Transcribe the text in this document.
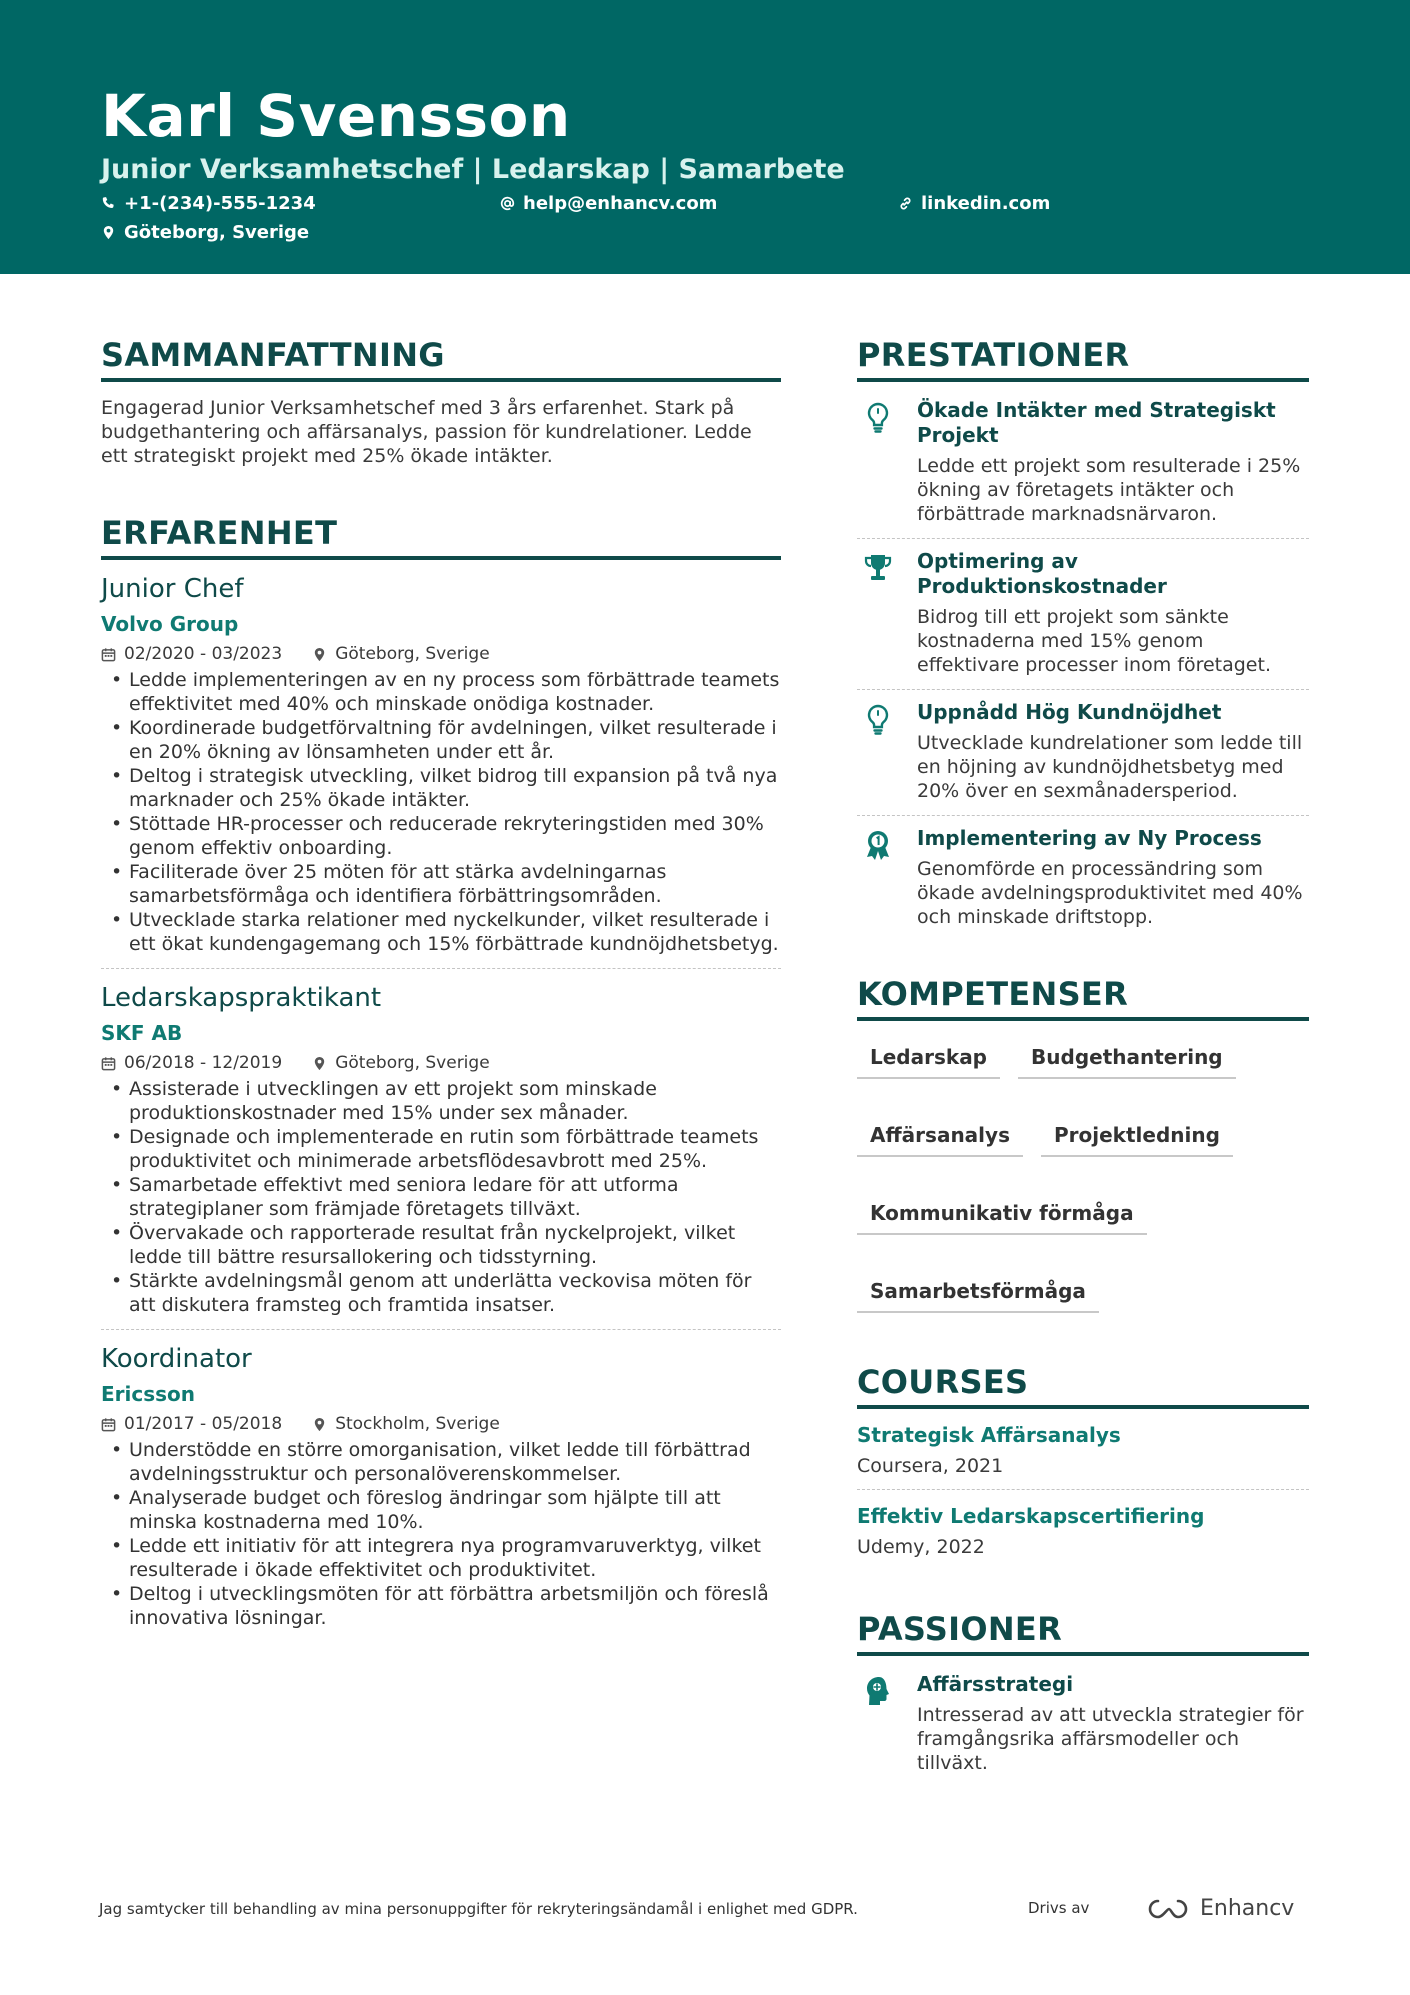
Karl Svensson
Junior Verksamhetschef | Ledarskap | Samarbete
+1-(234)-555-1234	help@enhancv.com	linkedin.com
Göteborg, Sverige
SAMMANFATTNING

Engagerad Junior Verksamhetschef med 3 års erfarenhet. Stark på budgethantering och affärsanalys, passion för kundrelationer. Ledde ett strategiskt projekt med 25% ökade intäkter.

ERFARENHET
Junior Chef
Volvo Group
02/2020 - 03/2023	Göteborg, Sverige
• Ledde implementeringen av en ny process som förbättrade teamets effektivitet med 40% och minskade onödiga kostnader.
• Koordinerade budgetförvaltning för avdelningen, vilket resulterade i en 20% ökning av lönsamheten under ett år.
• Deltog i strategisk utveckling, vilket bidrog till expansion på två nya marknader och 25% ökade intäkter.
• Stöttade HR-processer och reducerade rekryteringstiden med 30% genom effektiv onboarding.
• Faciliterade över 25 möten för att stärka avdelningarnas samarbetsförmåga och identifiera förbättringsområden.
• Utvecklade starka relationer med nyckelkunder, vilket resulterade i ett ökat kundengagemang och 15% förbättrade kundnöjdhetsbetyg.
Ledarskapspraktikant
SKF AB
06/2018 - 12/2019	Göteborg, Sverige
• Assisterade i utvecklingen av ett projekt som minskade produktionskostnader med 15% under sex månader.
• Designade och implementerade en rutin som förbättrade teamets produktivitet och minimerade arbetsflödesavbrott med 25%.
• Samarbetade effektivt med seniora ledare för att utforma strategiplaner som främjade företagets tillväxt.
• Övervakade och rapporterade resultat från nyckelprojekt, vilket ledde till bättre resursallokering och tidsstyrning.
• Stärkte avdelningsmål genom att underlätta veckovisa möten för att diskutera framsteg och framtida insatser.
Koordinator
Ericsson
01/2017 - 05/2018	Stockholm, Sverige
• Understödde en större omorganisation, vilket ledde till förbättrad avdelningsstruktur och personalöverenskommelser.
• Analyserade budget och föreslog ändringar som hjälpte till att minska kostnaderna med 10%.
• Ledde ett initiativ för att integrera nya programvaruverktyg, vilket resulterade i ökade effektivitet och produktivitet.
• Deltog i utvecklingsmöten för att förbättra arbetsmiljön och föreslå innovativa lösningar.
PRESTATIONER
Ökade Intäkter med Strategiskt Projekt
Ledde ett projekt som resulterade i 25% ökning av företagets intäkter och förbättrade marknadsnärvaron.
Optimering av Produktionskostnader
Bidrog till ett projekt som sänkte kostnaderna med 15% genom effektivare processer inom företaget.
Uppnådd Hög Kundnöjdhet
Utvecklade kundrelationer som ledde till en höjning av kundnöjdhetsbetyg med 20% över en sexmånadersperiod.
Implementering av Ny Process
Genomförde en processändring som ökade avdelningsproduktivitet med 40% och minskade driftstopp.
KOMPETENSER
Ledarskap	Budgethantering
Affärsanalys	Projektledning
Kommunikativ förmåga
Samarbetsförmåga
COURSES
Strategisk Affärsanalys
Coursera, 2021
Effektiv Ledarskapscertifiering
Udemy, 2022
PASSIONER
Affärsstrategi
Intresserad av att utveckla strategier för framgångsrika affärsmodeller och tillväxt.
Jag samtycker till behandling av mina personuppgifter för rekryteringsändamål i enlighet med GDPR.	Drivs av	Enhancv
